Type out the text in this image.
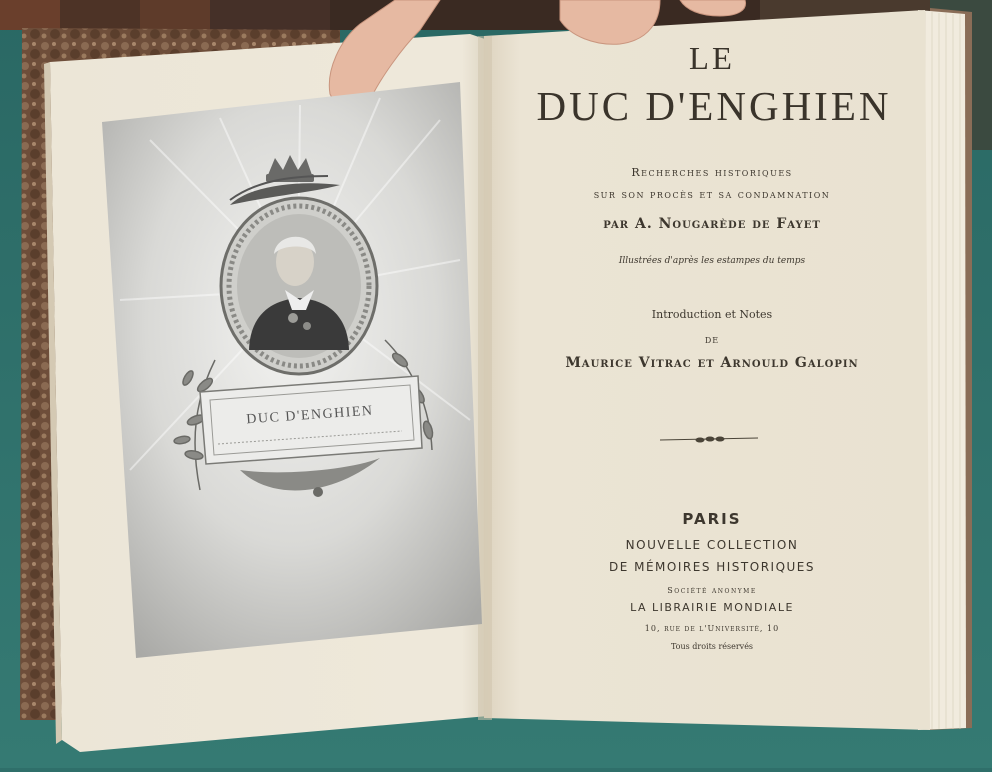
DUC D'ENGHIEN
LE
DUC D'ENGHIEN
Recherches historiques
sur son procès et sa condamnation
par A. Nougarède de Fayet
Illustrées d'après les estampes du temps
Introduction et Notes
DE
Maurice Vitrac et Arnould Galopin
PARIS
NOUVELLE COLLECTION
DE MÉMOIRES HISTORIQUES
Société anonyme
LA LIBRAIRIE MONDIALE
10, rue de l'Université, 10
Tous droits réservés
